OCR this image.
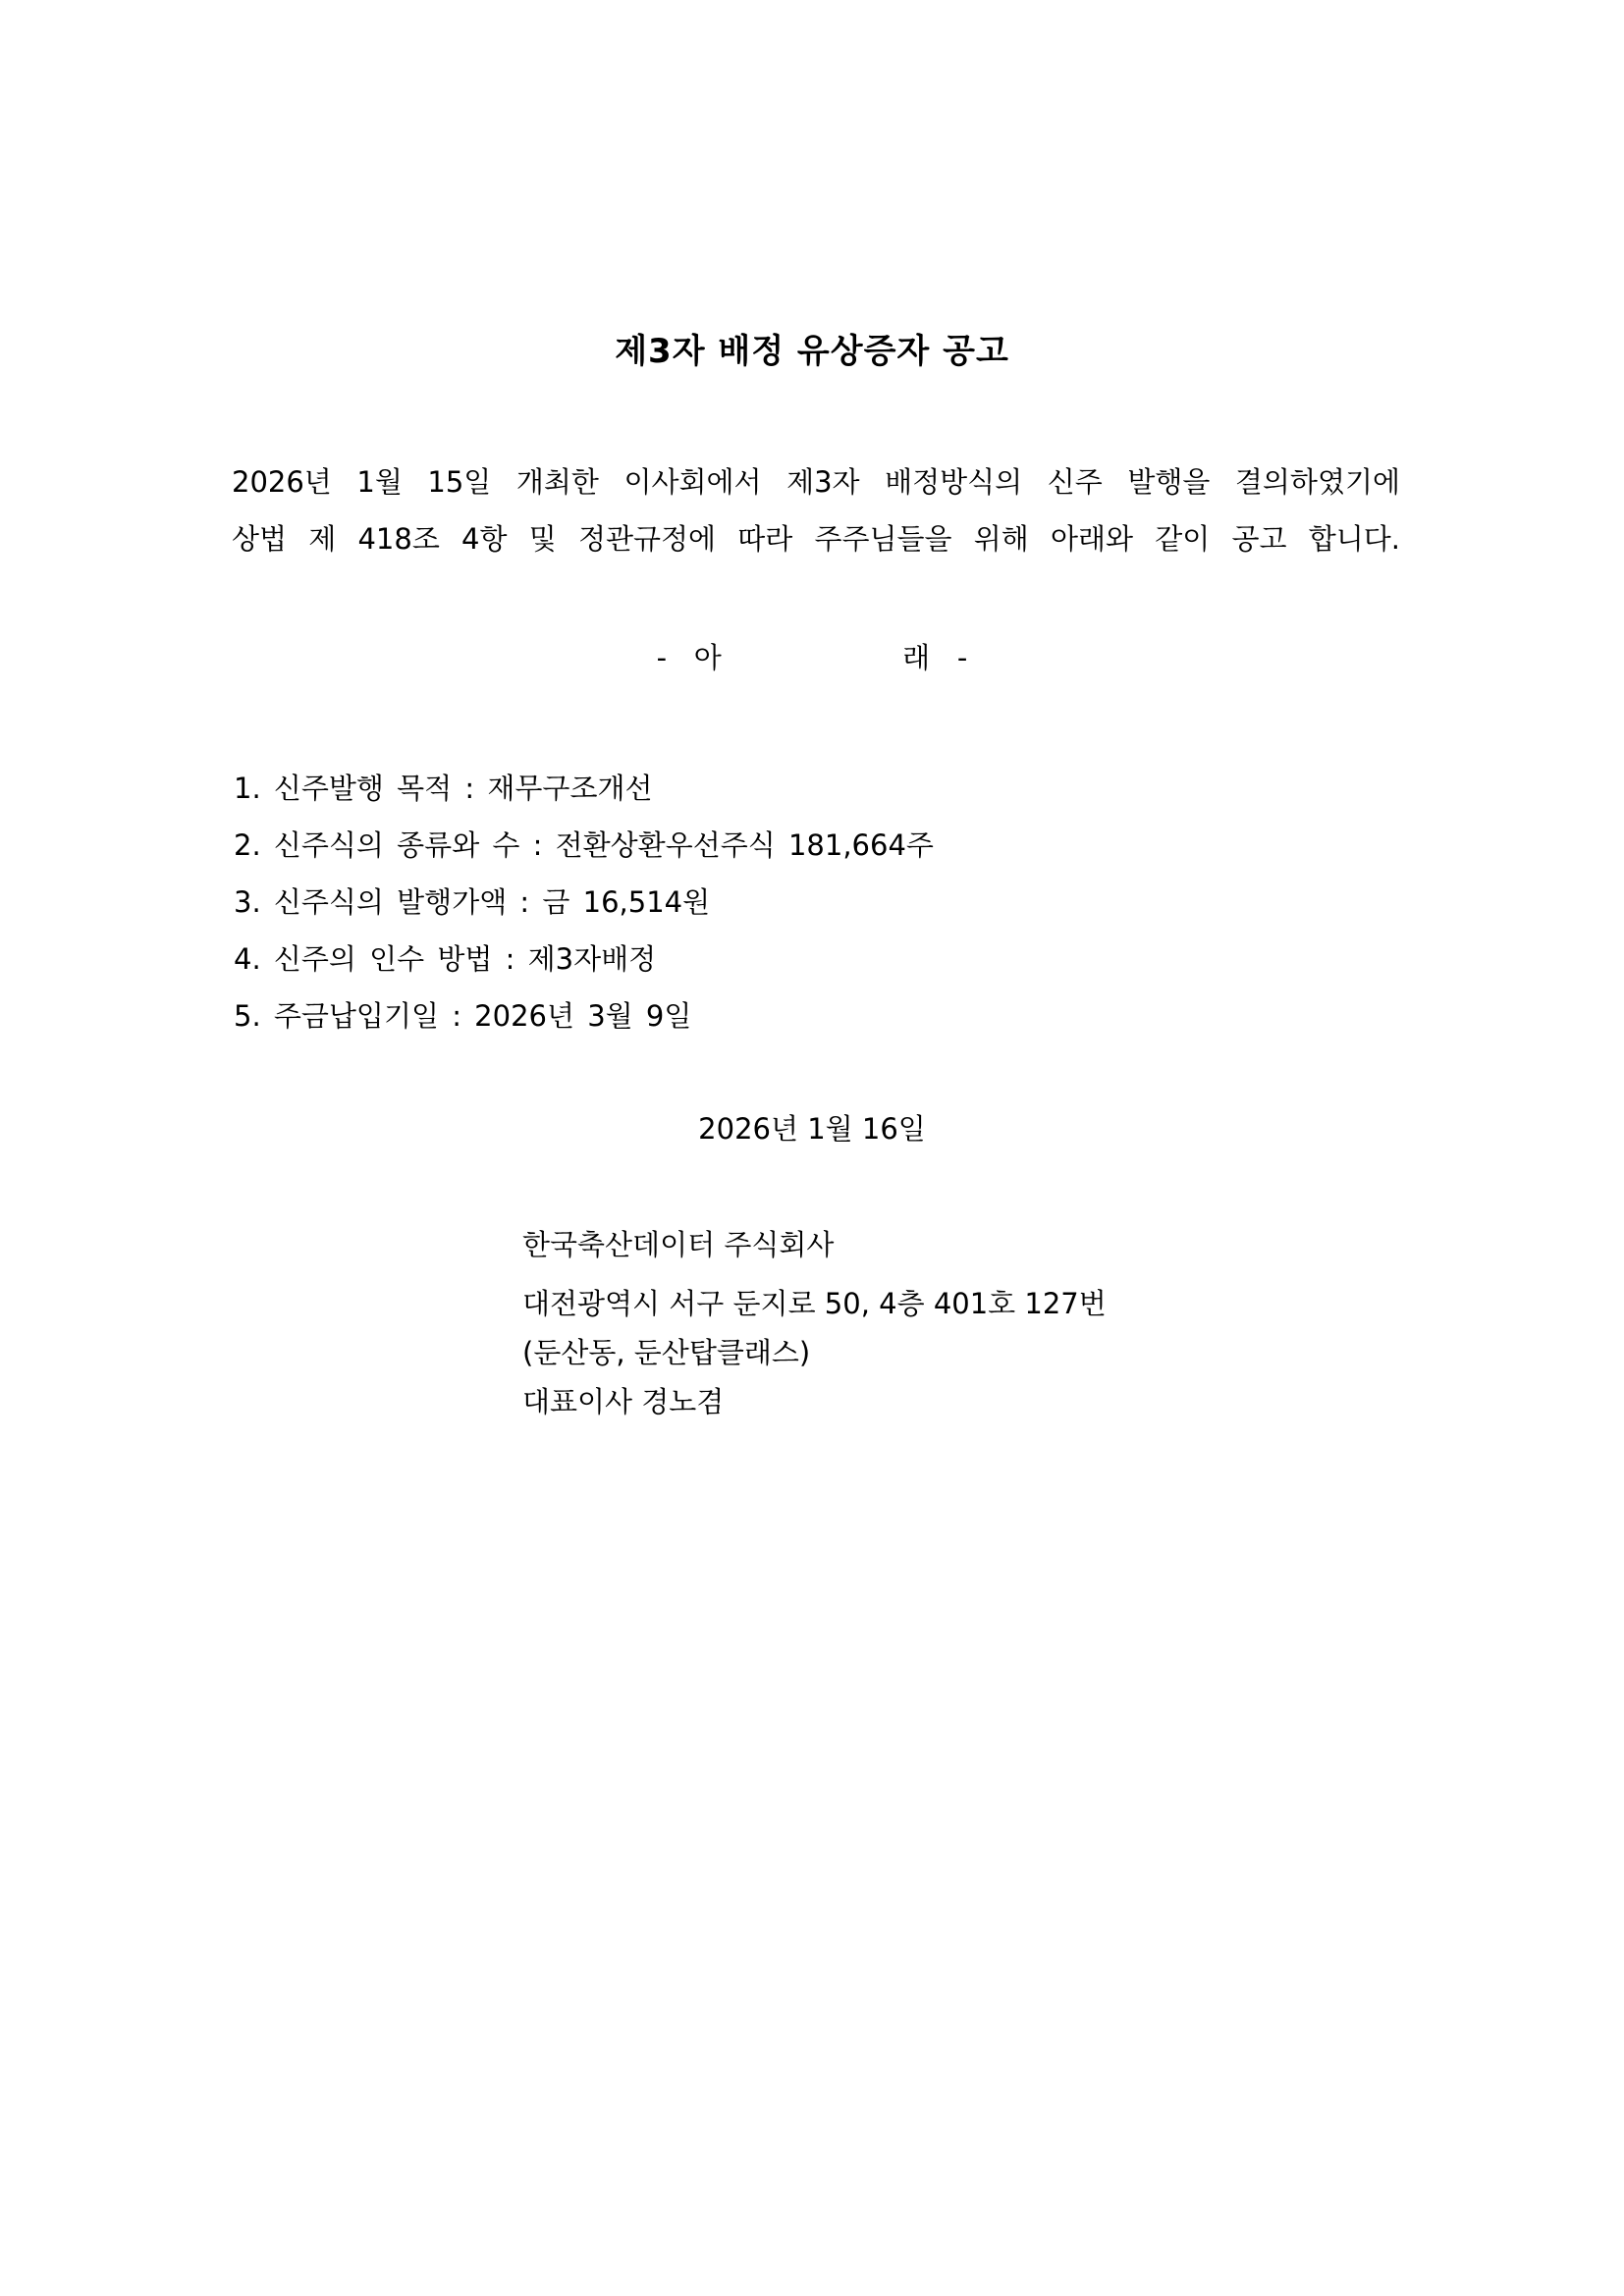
제3자 배정 유상증자 공고
2026년 1월 15일 개최한 이사회에서 제3자 배정방식의 신주 발행을 결의하였기에
상법 제 418조 4항 및 정관규정에 따라 주주님들을 위해 아래와 같이 공고 합니다.
-   아                    래   -
1. 신주발행 목적 : 재무구조개선
2. 신주식의 종류와 수 : 전환상환우선주식 181,664주
3. 신주식의 발행가액 : 금 16,514원
4. 신주의 인수 방법 : 제3자배정
5. 주금납입기일 : 2026년 3월 9일
2026년 1월 16일
한국축산데이터 주식회사
대전광역시 서구 둔지로 50, 4층 401호 127번
(둔산동, 둔산탑클래스)
대표이사 경노겸
